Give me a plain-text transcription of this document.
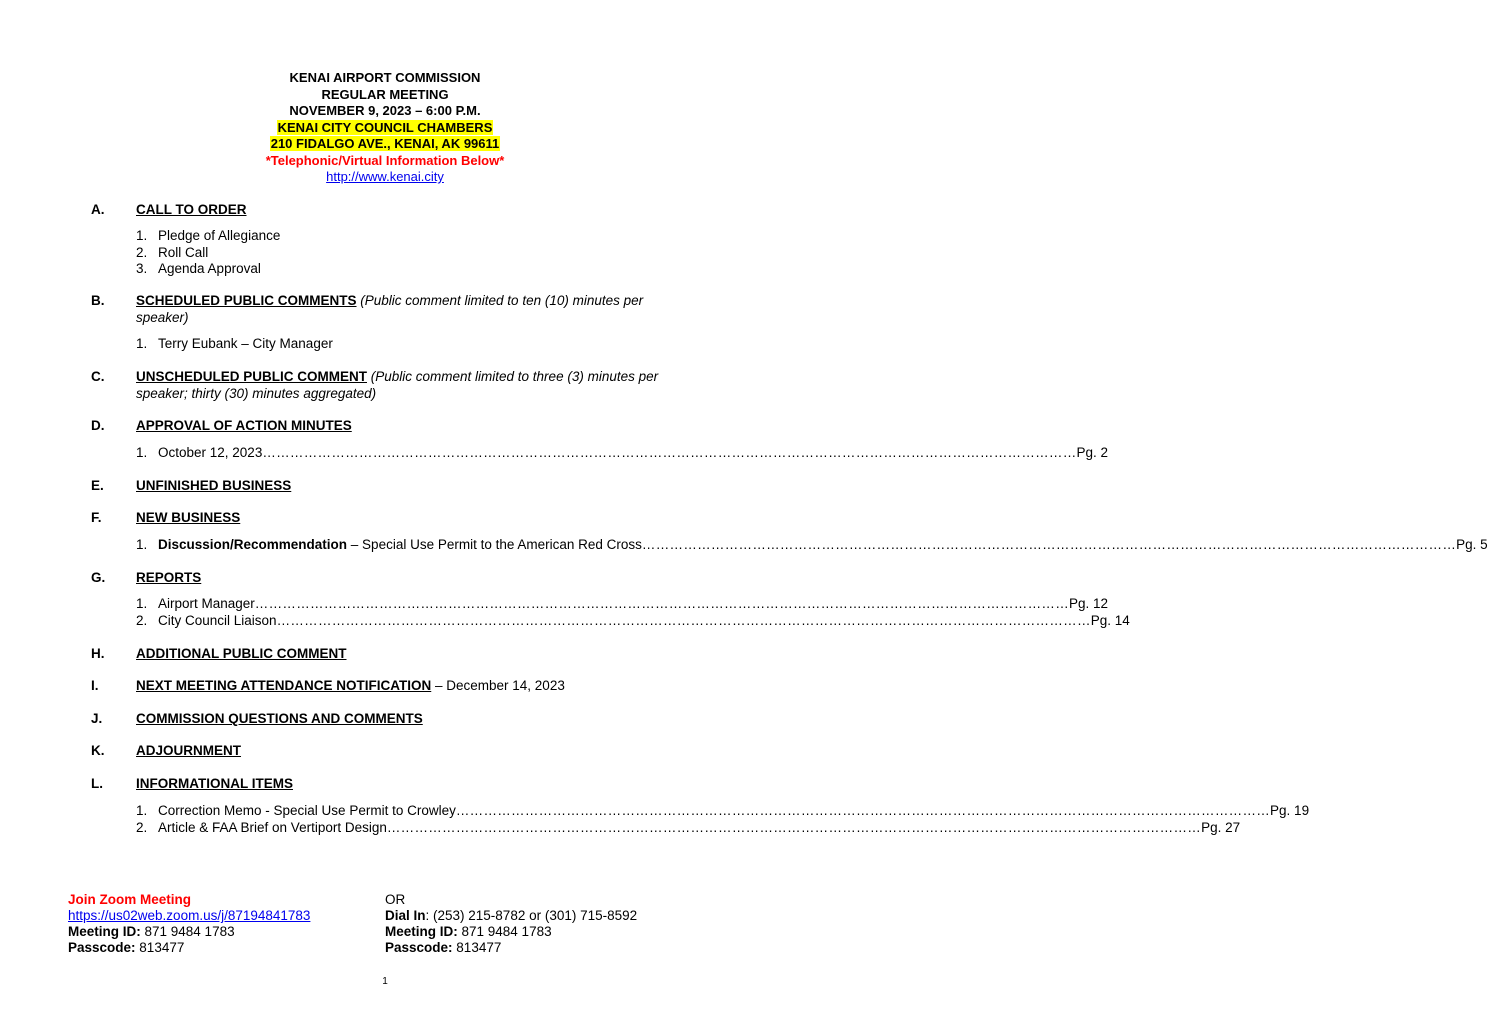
KENAI AIRPORT COMMISSION
REGULAR MEETING
NOVEMBER 9, 2023 – 6:00 P.M.
KENAI CITY COUNCIL CHAMBERS
210 FIDALGO AVE., KENAI, AK 99611
*Telephonic/Virtual Information Below*
http://www.kenai.city
A. CALL TO ORDER
1. Pledge of Allegiance
2. Roll Call
3. Agenda Approval
B. SCHEDULED PUBLIC COMMENTS (Public comment limited to ten (10) minutes per speaker)
1. Terry Eubank – City Manager
C. UNSCHEDULED PUBLIC COMMENT (Public comment limited to three (3) minutes per speaker; thirty (30) minutes aggregated)
D. APPROVAL OF ACTION MINUTES
1. October 12, 2023 …………………………………………………………………………………………………………………………………………………………… Pg. 2
E. UNFINISHED BUSINESS
F.	NEW BUSINESS
1. Discussion/Recommendation – Special Use Permit to the American Red Cross …………………………………………………………………………………………………………………………………………………………… Pg. 5
G. REPORTS
1. Airport Manager …………………………………………………………………………………………………………………………………………………………… Pg. 12
2. City Council Liaison …………………………………………………………………………………………………………………………………………………………… Pg. 14
H. ADDITIONAL PUBLIC COMMENT
I.	NEXT MEETING ATTENDANCE NOTIFICATION – December 14, 2023
J. COMMISSION QUESTIONS AND COMMENTS
K. ADJOURNMENT
L. INFORMATIONAL ITEMS
1. Correction Memo - Special Use Permit to Crowley …………………………………………………………………………………………………………………………………………………………… Pg. 19
2. Article & FAA Brief on Vertiport Design …………………………………………………………………………………………………………………………………………………………… Pg. 27
Join Zoom Meeting
https://us02web.zoom.us/j/87194841783
Meeting ID: 871 9484 1783
Passcode: 813477
OR
Dial In: (253) 215-8782 or (301) 715-8592
Meeting ID: 871 9484 1783
Passcode: 813477
1
